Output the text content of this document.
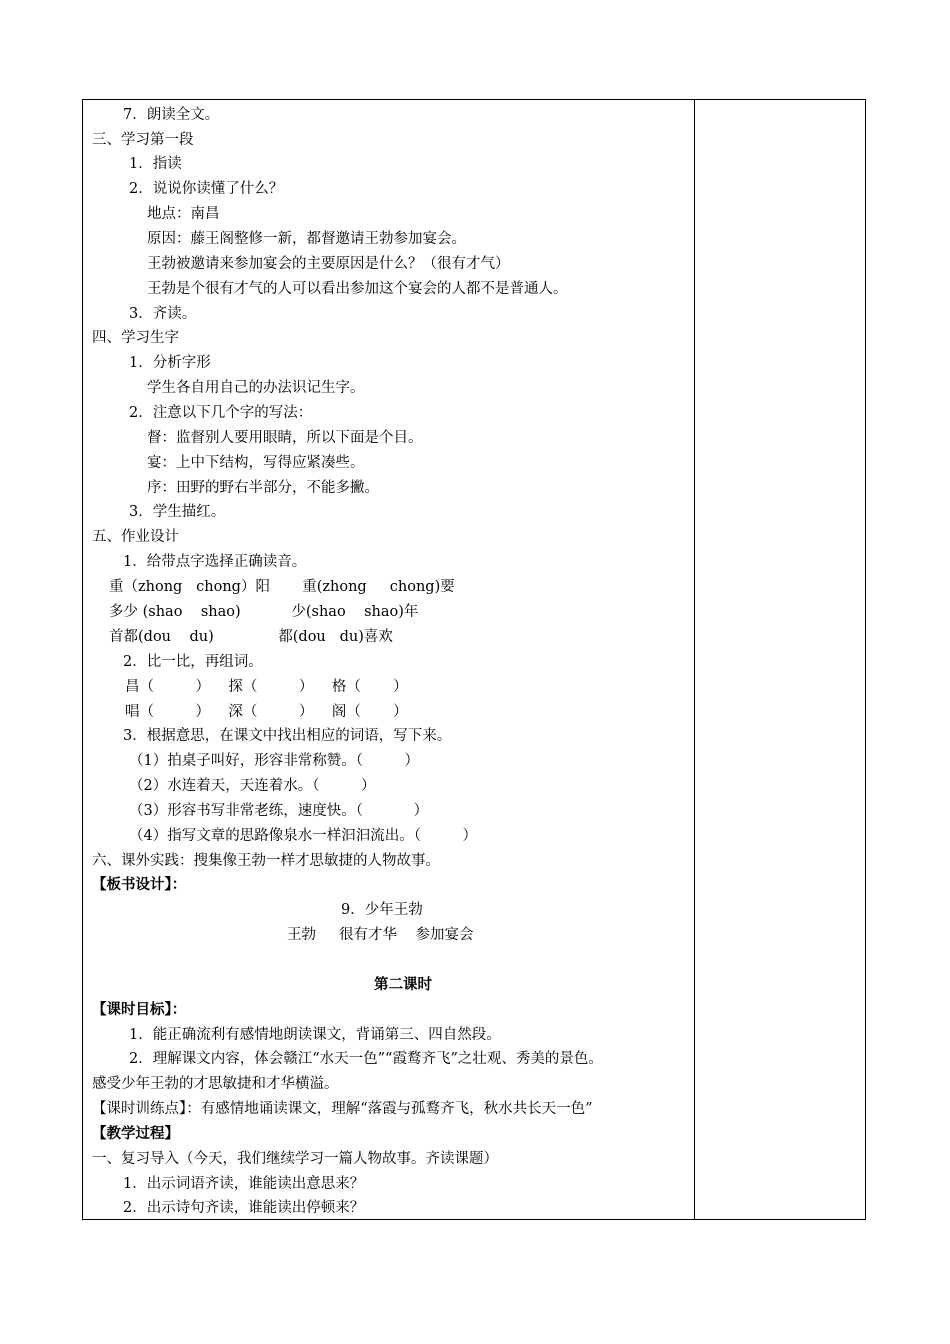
7．朗读全文。
三、学习第一段
1．指读
2．说说你读懂了什么？
地点：南昌
原因：藤王阁整修一新，都督邀请王勃参加宴会。
王勃被邀请来参加宴会的主要原因是什么？（很有才气）
王勃是个很有才气的人可以看出参加这个宴会的人都不是普通人。
3．齐读。
四、学习生字
1．分析字形
学生各自用自己的办法识记生字。
2．注意以下几个字的写法：
督：监督别人要用眼睛，所以下面是个目。
宴：上中下结构，写得应紧凑些。
序：田野的野右半部分，不能多撇。
3．学生描红。
五、作业设计
1．给带点字选择正确读音。
重（zhong   chong）阳       重(zhong     chong)要
多少 (shao    shao)           少(shao    shao)年
首都(dou    du)              都(dou   du)喜欢
2．比一比，再组词。
昌（         ）    探（         ）    格（       ）
唱（         ）    深（         ）    阁（       ）
3．根据意思，在课文中找出相应的词语，写下来。
（1）拍桌子叫好，形容非常称赞。（         ）
（2）水连着天，天连着水。（         ）
（3）形容书写非常老练，速度快。（           ）
（4）指写文章的思路像泉水一样汩汩流出。（         ）
六、课外实践：搜集像王勃一样才思敏捷的人物故事。
【板书设计】：
9．少年王勃
王勃     很有才华    参加宴会
第二课时
【课时目标】：
1．能正确流利有感情地朗读课文，背诵第三、四自然段。
2．理解课文内容，体会赣江“水天一色”“霞鹜齐飞”之壮观、秀美的景色。
感受少年王勃的才思敏捷和才华横溢。
【课时训练点】：有感情地诵读课文，理解“落霞与孤鹜齐飞，秋水共长天一色”
【教学过程】
一、复习导入（今天，我们继续学习一篇人物故事。齐读课题）
1．出示词语齐读，谁能读出意思来？
2．出示诗句齐读，谁能读出停顿来？
